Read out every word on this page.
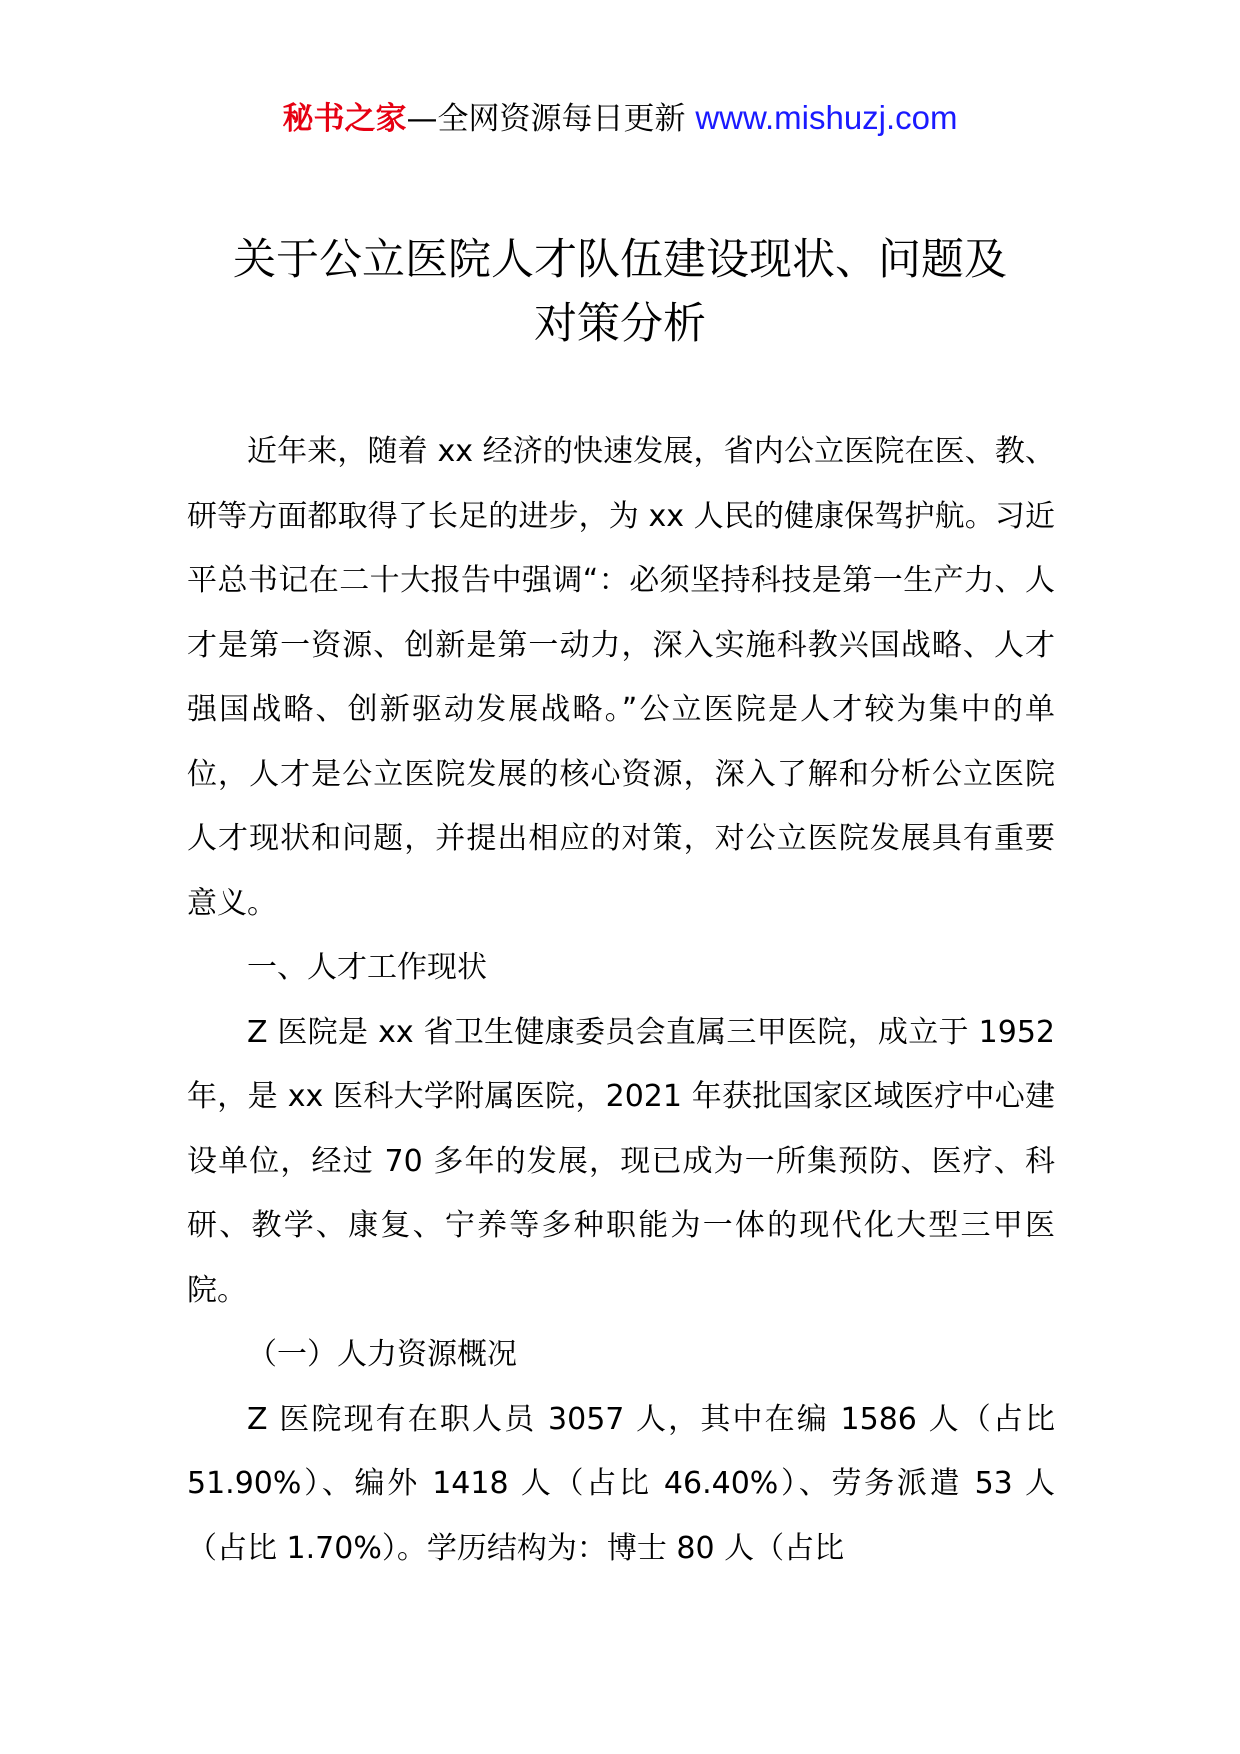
秘书之家—全网资源每日更新 www.mishuzj.com
关于公立医院人才队伍建设现状、问题及
对策分析

近年来，随着 xx 经济的快速发展，省内公立医院在医、教、研等方面都取得了长足的进步，为 xx 人民的健康保驾护航。习近平总书记在二十大报告中强调“：必须坚持科技是第一生产力、人才是第一资源、创新是第一动力，深入实施科教兴国战略、人才强国战略、创新驱动发展战略。”公立医院是人才较为集中的单位，人才是公立医院发展的核心资源，深入了解和分析公立医院人才现状和问题，并提出相应的对策，对公立医院发展具有重要意义。

一、人才工作现状

Z 医院是 xx 省卫生健康委员会直属三甲医院，成立于 1952 年，是 xx 医科大学附属医院，2021 年获批国家区域医疗中心建设单位，经过 70 多年的发展，现已成为一所集预防、医疗、科研、教学、康复、宁养等多种职能为一体的现代化大型三甲医院。

（一）人力资源概况

Z 医院现有在职人员 3057 人，其中在编 1586 人（占比 51.90%）、编外 1418 人（占比 46.40%）、劳务派遣 53 人（占比 1.70%）。学历结构为：博士 80 人（占比
